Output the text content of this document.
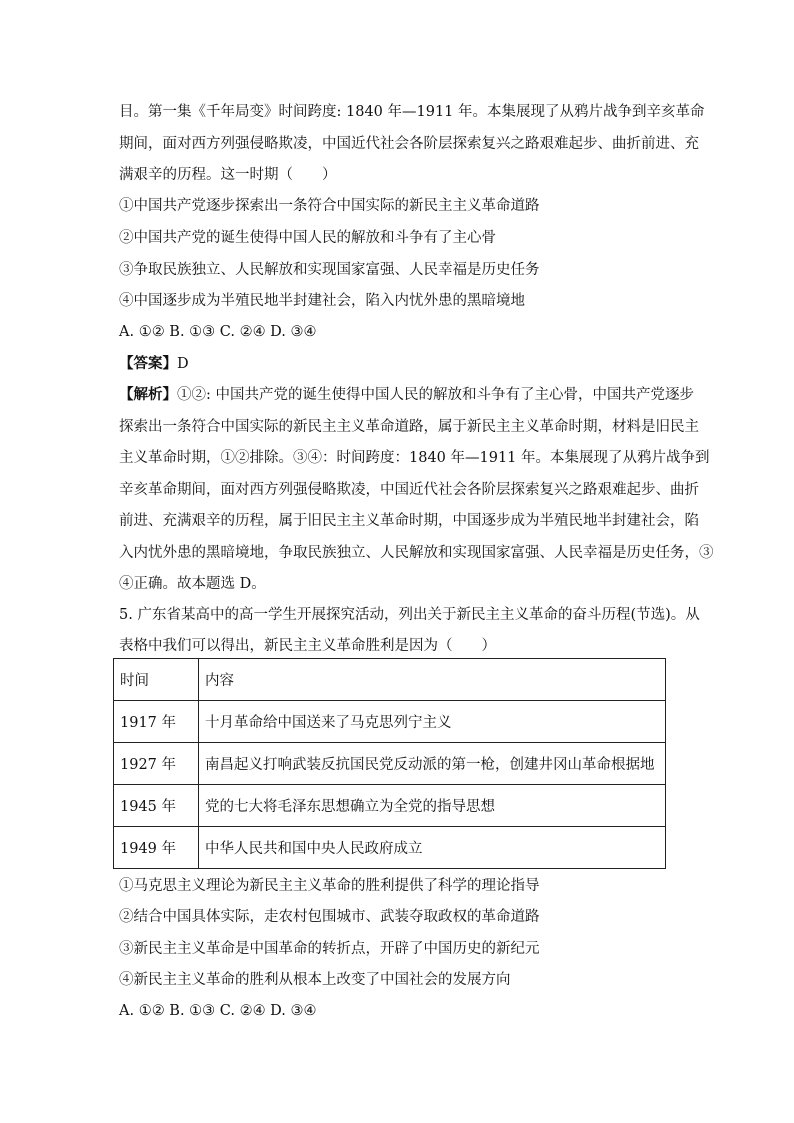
目。第一集《千年局变》时间跨度: 1840 年—1911 年。本集展现了从鸦片战争到辛亥革命
期间，面对西方列强侵略欺凌，中国近代社会各阶层探索复兴之路艰难起步、曲折前进、充
满艰辛的历程。这一时期（　　）
①中国共产党逐步探索出一条符合中国实际的新民主主义革命道路
②中国共产党的诞生使得中国人民的解放和斗争有了主心骨
③争取民族独立、人民解放和实现国家富强、人民幸福是历史任务
④中国逐步成为半殖民地半封建社会，陷入内忧外患的黑暗境地
A. ①② B. ①③ C. ②④ D. ③④
【答案】D
【解析】①②: 中国共产党的诞生使得中国人民的解放和斗争有了主心骨，中国共产党逐步
探索出一条符合中国实际的新民主主义革命道路，属于新民主主义革命时期，材料是旧民主
主义革命时期，①②排除。③④：时间跨度：1840 年—1911 年。本集展现了从鸦片战争到
辛亥革命期间，面对西方列强侵略欺凌，中国近代社会各阶层探索复兴之路艰难起步、曲折
前进、充满艰辛的历程，属于旧民主主义革命时期，中国逐步成为半殖民地半封建社会，陷
入内忧外患的黑暗境地，争取民族独立、人民解放和实现国家富强、人民幸福是历史任务，③
④正确。故本题选 D。
5. 广东省某高中的高一学生开展探究活动，列出关于新民主主义革命的奋斗历程(节选)。从
表格中我们可以得出，新民主主义革命胜利是因为（　　）
时间	内容
1917 年	十月革命给中国送来了马克思列宁主义
1927 年	南昌起义打响武装反抗国民党反动派的第一枪，创建井冈山革命根据地
1945 年	党的七大将毛泽东思想确立为全党的指导思想
1949 年	中华人民共和国中央人民政府成立
①马克思主义理论为新民主主义革命的胜利提供了科学的理论指导
②结合中国具体实际，走农村包围城市、武装夺取政权的革命道路
③新民主主义革命是中国革命的转折点，开辟了中国历史的新纪元
④新民主主义革命的胜利从根本上改变了中国社会的发展方向
A. ①② B. ①③ C. ②④ D. ③④
